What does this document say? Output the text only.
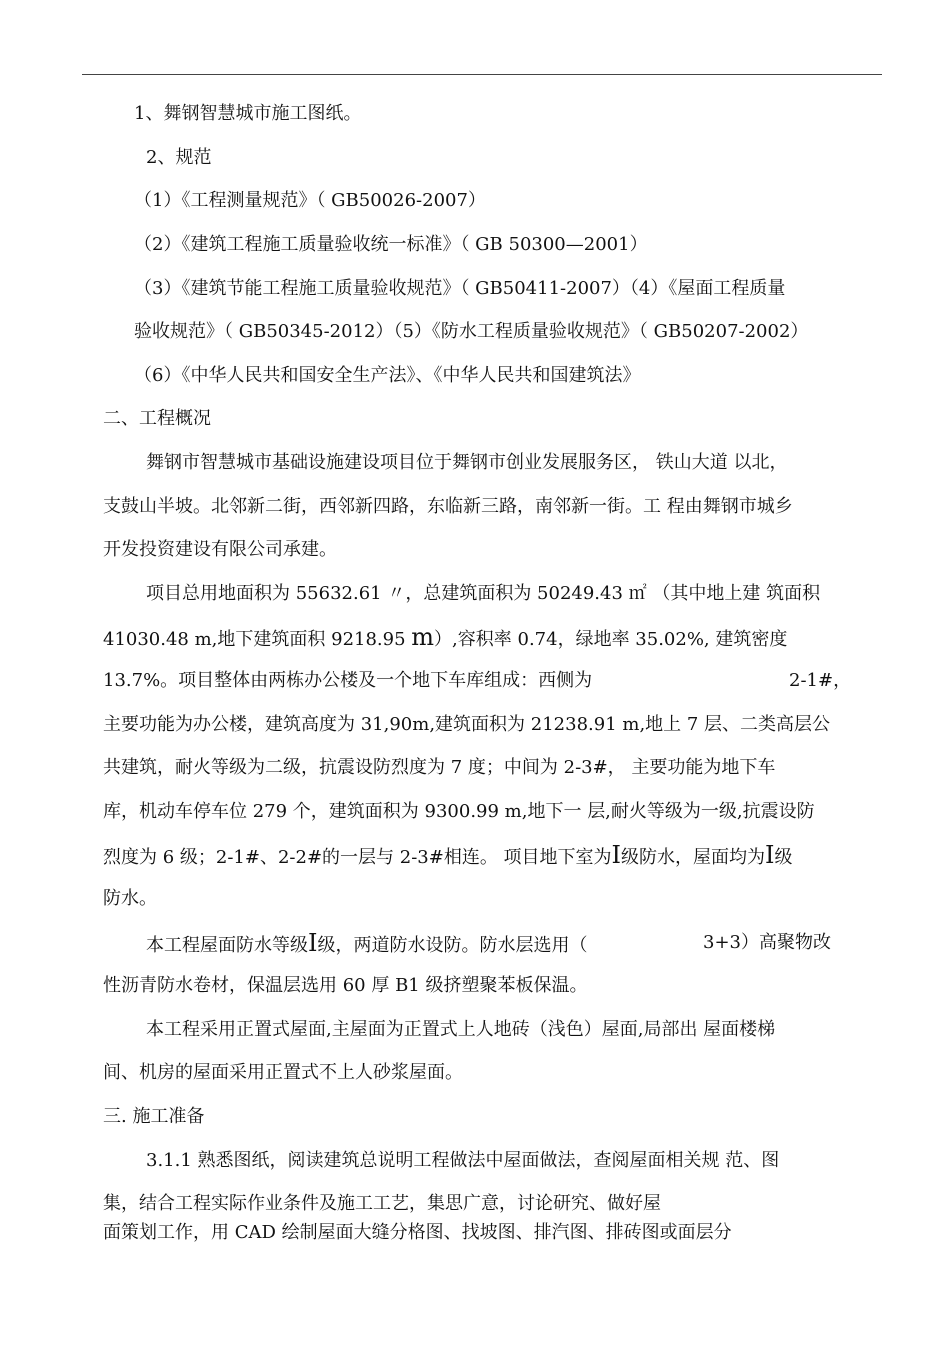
1、舞钢智慧城市施工图纸。
2、规范
（1）《工程测量规范》（ GB50026-2007）
（2）《建筑工程施工质量验收统一标准》（ GB 50300—2001）
（3）《建筑节能工程施工质量验收规范》（ GB50411-2007）（4）《屋面工程质量
验收规范》（ GB50345-2012）（5）《防水工程质量验收规范》（ GB50207-2002）
（6）《中华人民共和国安全生产法》、《中华人民共和国建筑法》
二、工程概况
舞钢市智慧城市基础设施建设项目位于舞钢市创业发展服务区， 铁山大道 以北，
支鼓山半坡。北邻新二街，西邻新四路，东临新三路，南邻新一街。工 程由舞钢市城乡
开发投资建设有限公司承建。
项目总用地面积为 55632.61 〃，总建筑面积为 50249.43 ㎡ （其中地上建 筑面积
41030.48 m,地下建筑面积 9218.95 m）,容积率 0.74，绿地率 35.02%, 建筑密度
13.7%。项目整体由两栋办公楼及一个地下车库组成：西侧为	2-1#，
主要功能为办公楼，建筑高度为 31,90m,建筑面积为 21238.91 m,地上 7 层、二类高层公
共建筑，耐火等级为二级，抗震设防烈度为 7 度；中间为 2-3#， 主要功能为地下车
库，机动车停车位 279 个，建筑面积为 9300.99 m,地下一 层,耐火等级为一级,抗震设防
烈度为 6 级；2-1#、2-2#的一层与 2-3#相连。 项目地下室为I级防水，屋面均为I级
防水。
本工程屋面防水等级I级，两道防水设防。防水层选用（	3+3）高聚物改
性沥青防水卷材，保温层选用 60 厚 B1 级挤塑聚苯板保温。
本工程采用正置式屋面,主屋面为正置式上人地砖（浅色）屋面,局部出 屋面楼梯
间、机房的屋面采用正置式不上人砂浆屋面。
三. 施工准备
3.1.1 熟悉图纸，阅读建筑总说明工程做法中屋面做法，查阅屋面相关规 范、图
集，结合工程实际作业条件及施工工艺，集思广意，讨论研究、做好屋
面策划工作，用 CAD 绘制屋面大缝分格图、找坡图、排汽图、排砖图或面层分
